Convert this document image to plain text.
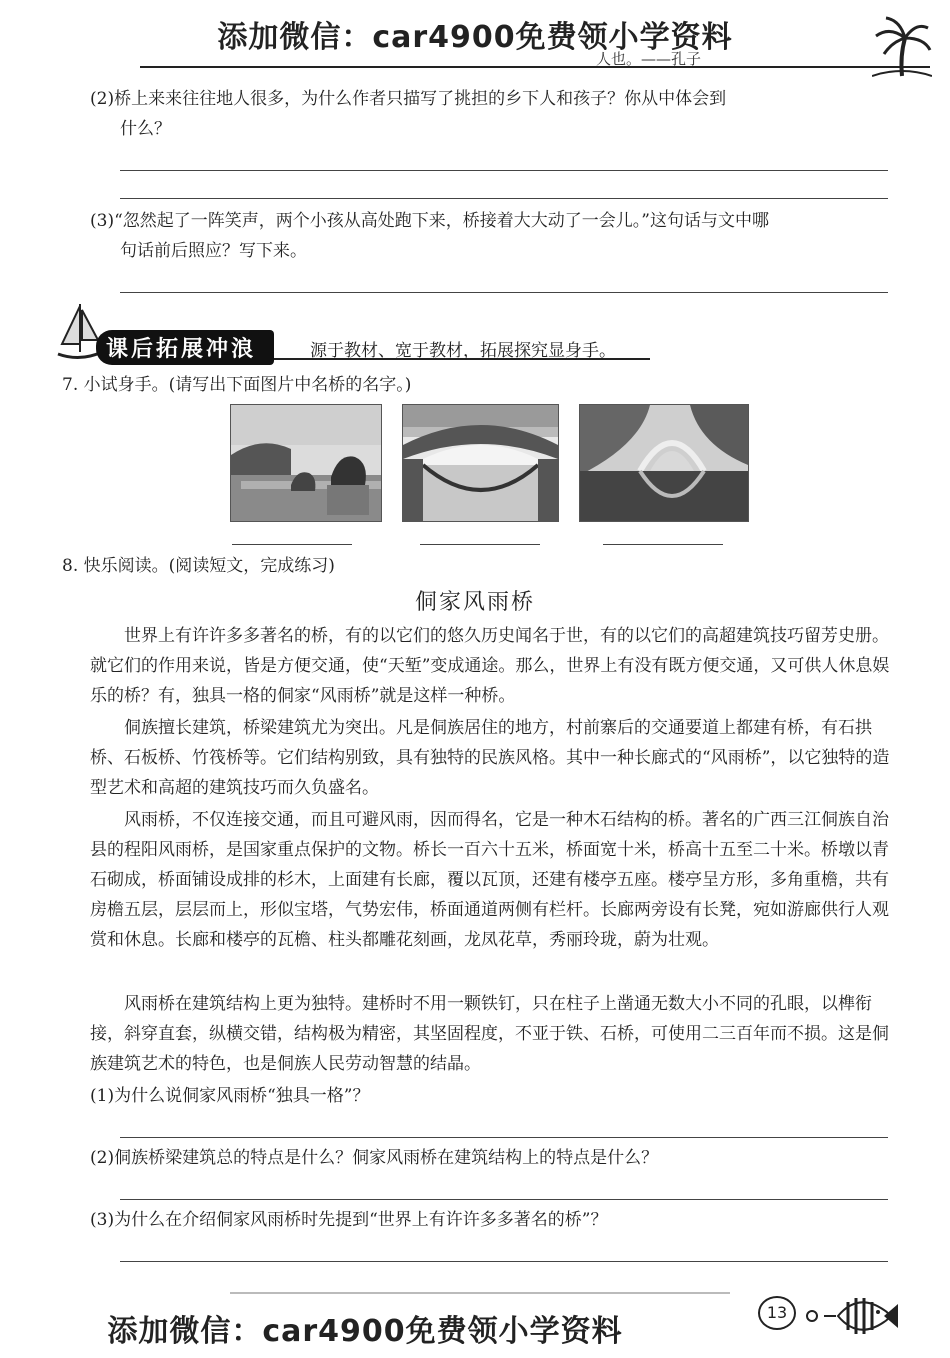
添加微信：car4900免费领小学资料
人也。——孔子
(2)桥上来来往往地人很多，为什么作者只描写了挑担的乡下人和孩子？你从中体会到
什么？
(3)“忽然起了一阵笑声，两个小孩从高处跑下来，桥接着大大动了一会儿。”这句话与文中哪
句话前后照应？写下来。
课后拓展冲浪	源于教材、宽于教材，拓展探究显身手。
7. 小试身手。(请写出下面图片中名桥的名字。)
8. 快乐阅读。(阅读短文，完成练习)
侗家风雨桥

世界上有许许多多著名的桥，有的以它们的悠久历史闻名于世，有的以它们的高超建筑技巧留芳史册。就它们的作用来说，皆是方便交通，使“天堑”变成通途。那么，世界上有没有既方便交通，又可供人休息娱乐的桥？有，独具一格的侗家“风雨桥”就是这样一种桥。

侗族擅长建筑，桥梁建筑尤为突出。凡是侗族居住的地方，村前寨后的交通要道上都建有桥，有石拱桥、石板桥、竹筏桥等。它们结构别致，具有独特的民族风格。其中一种长廊式的“风雨桥”，以它独特的造型艺术和高超的建筑技巧而久负盛名。

风雨桥，不仅连接交通，而且可避风雨，因而得名，它是一种木石结构的桥。著名的广西三江侗族自治县的程阳风雨桥，是国家重点保护的文物。桥长一百六十五米，桥面宽十米，桥高十五至二十米。桥墩以青石砌成，桥面铺设成排的杉木，上面建有长廊，覆以瓦顶，还建有楼亭五座。楼亭呈方形，多角重檐，共有房檐五层，层层而上，形似宝塔，气势宏伟，桥面通道两侧有栏杆。长廊两旁设有长凳，宛如游廊供行人观赏和休息。长廊和楼亭的瓦檐、柱头都雕花刻画，龙凤花草，秀丽玲珑，蔚为壮观。

风雨桥在建筑结构上更为独特。建桥时不用一颗铁钉，只在柱子上凿通无数大小不同的孔眼，以榫衔接，斜穿直套，纵横交错，结构极为精密，其坚固程度，不亚于铁、石桥，可使用二三百年而不损。这是侗族建筑艺术的特色，也是侗族人民劳动智慧的结晶。

(1)为什么说侗家风雨桥“独具一格”？
(2)侗族桥梁建筑总的特点是什么？侗家风雨桥在建筑结构上的特点是什么？
(3)为什么在介绍侗家风雨桥时先提到“世界上有许许多多著名的桥”？
添加微信：car4900免费领小学资料
13
